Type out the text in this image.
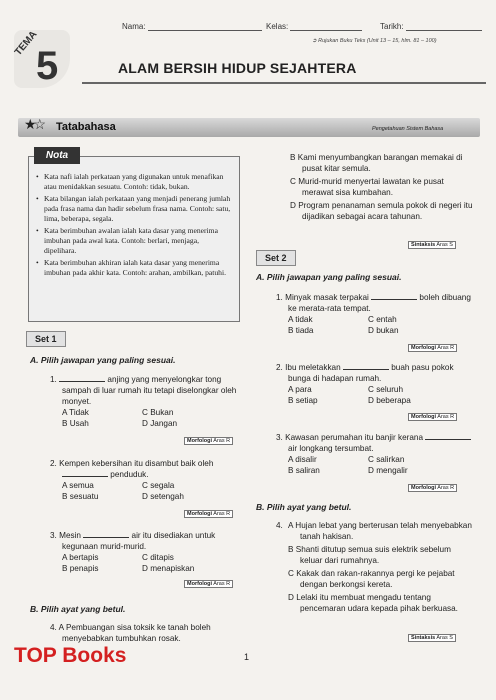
Nama:	Kelas:	Tarikh:
➲ Rujukan Buku Teks (Unit 13 – 15, hlm. 81 – 100)
TEMA
5	ALAM BERSIH HIDUP SEJAHTERA
★☆ Tatabahasa	Pengetahuan Sistem Bahasa
Nota
• Kata nafi ialah perkataan yang digunakan untuk menafikan atau menidakkan sesuatu. Contoh: tidak, bukan.
• Kata bilangan ialah perkataan yang menjadi penerang jumlah pada frasa nama dan hadir sebelum frasa nama. Contoh: satu, lima, beberapa, segala.
• Kata berimbuhan awalan ialah kata dasar yang menerima imbuhan pada awal kata. Contoh: berlari, menjaga, dipelihara.
• Kata berimbuhan akhiran ialah kata dasar yang menerima imbuhan pada akhir kata. Contoh: arahan, ambilkan, patuhi.
Set 1
A. Pilih jawapan yang paling sesuai.
1.	anjing yang menyelongkar tong sampah di luar rumah itu tetapi diselongkar oleh monyet.
A Tidak	C Bukan
B Usah	D Jangan
Morfologi Aras R
2. Kempen kebersihan itu disambut baik oleh  penduduk.
A semua	C segala
B sesuatu	D setengah
Morfologi Aras R
3. Mesin	air itu disediakan untuk kegunaan murid-murid.
A bertapis	C ditapis
B penapis	D menapiskan
Morfologi Aras R
B. Pilih ayat yang betul.
4. A Pembuangan sisa toksik ke tanah boleh menyebabkan tumbuhkan rosak.
B Kami menyumbangkan barangan memakai di pusat kitar semula.
C Murid-murid menyertai lawatan ke pusat merawat sisa kumbahan.
D Program penanaman semula pokok di negeri itu dijadikan sebagai acara tahunan.
Sintaksis Aras S
Set 2
A. Pilih jawapan yang paling sesuai.
1. Minyak masak terpakai	boleh dibuang ke merata-rata tempat.
A tidak	C entah
B tiada	D bukan
Morfologi Aras R
2. Ibu meletakkan	buah pasu pokok bunga di hadapan rumah.
A para	C seluruh
B setiap	D beberapa
Morfologi Aras R
3. Kawasan perumahan itu banjir kerana  air longkang tersumbat.
A disalir	C salirkan
B saliran	D mengalir
Morfologi Aras R
B. Pilih ayat yang betul.
4. A Hujan lebat yang berterusan telah menyebabkan tanah hakisan.
B Shanti ditutup semua suis elektrik sebelum keluar dari rumahnya.
C Kakak dan rakan-rakannya pergi ke pejabat dengan berkongsi kereta.
D Lelaki itu membuat mengadu tentang pencemaran udara kepada pihak berkuasa.
Sintaksis Aras S
1
TOP Books
